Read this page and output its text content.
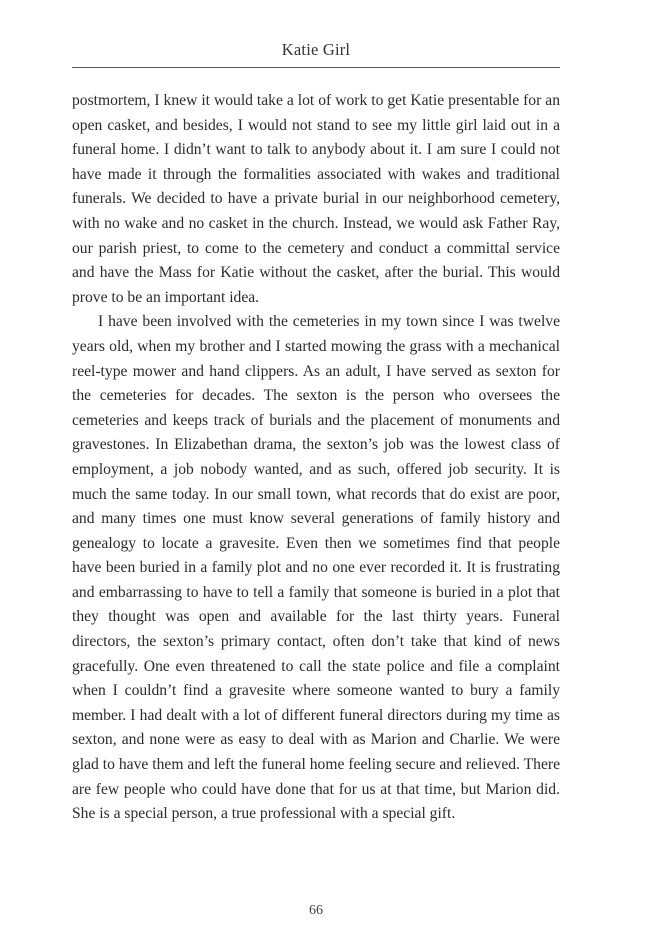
Katie Girl

postmortem, I knew it would take a lot of work to get Katie presentable for an open casket, and besides, I would not stand to see my little girl laid out in a funeral home. I didn’t want to talk to anybody about it. I am sure I could not have made it through the formalities associated with wakes and traditional funerals. We decided to have a private burial in our neighborhood cemetery, with no wake and no casket in the church. Instead, we would ask Father Ray, our parish priest, to come to the cemetery and conduct a committal service and have the Mass for Katie without the casket, after the burial. This would prove to be an important idea.

I have been involved with the cemeteries in my town since I was twelve years old, when my brother and I started mowing the grass with a mechanical reel-type mower and hand clippers. As an adult, I have served as sexton for the cemeteries for decades. The sexton is the person who oversees the cemeteries and keeps track of burials and the placement of monuments and gravestones. In Elizabethan drama, the sexton’s job was the lowest class of employment, a job nobody wanted, and as such, offered job security. It is much the same today. In our small town, what records that do exist are poor, and many times one must know several generations of family history and genealogy to locate a gravesite. Even then we sometimes find that people have been buried in a family plot and no one ever recorded it. It is frustrating and embarrassing to have to tell a family that someone is buried in a plot that they thought was open and available for the last thirty years. Funeral directors, the sexton’s primary contact, often don’t take that kind of news gracefully. One even threatened to call the state police and file a complaint when I couldn’t find a gravesite where someone wanted to bury a family member. I had dealt with a lot of different funeral directors during my time as sexton, and none were as easy to deal with as Marion and Charlie. We were glad to have them and left the funeral home feeling secure and relieved. There are few people who could have done that for us at that time, but Marion did. She is a special person, a true professional with a special gift.

66
